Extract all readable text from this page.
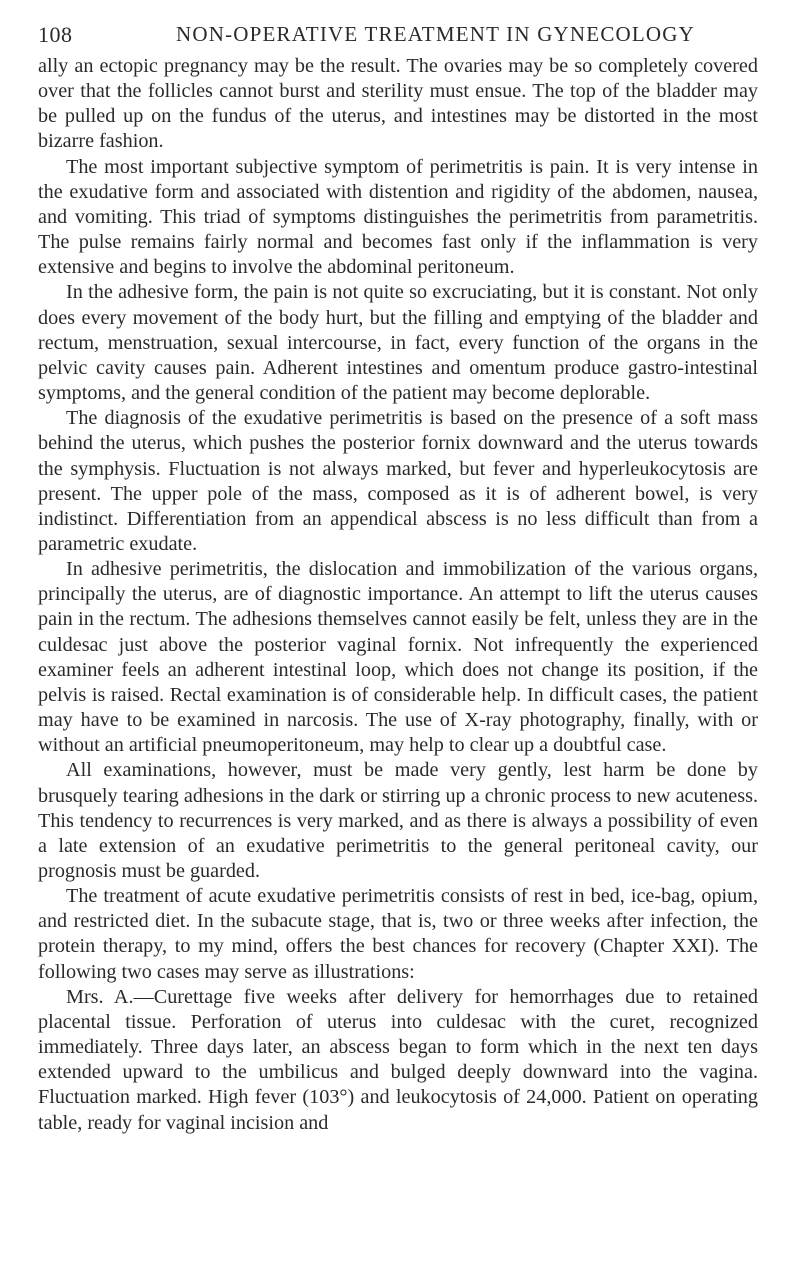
108	NON-OPERATIVE TREATMENT IN GYNECOLOGY

ally an ectopic pregnancy may be the result. The ovaries may be so completely covered over that the follicles cannot burst and sterility must ensue. The top of the bladder may be pulled up on the fundus of the uterus, and intestines may be distorted in the most bizarre fashion.

The most important subjective symptom of perimetritis is pain. It is very intense in the exudative form and associated with distention and rigidity of the abdomen, nausea, and vomiting. This triad of symptoms distinguishes the perimetritis from parametritis. The pulse remains fairly normal and becomes fast only if the inflammation is very extensive and begins to involve the abdominal peritoneum.

In the adhesive form, the pain is not quite so excruciating, but it is constant. Not only does every movement of the body hurt, but the filling and emptying of the bladder and rectum, menstruation, sexual intercourse, in fact, every function of the organs in the pelvic cavity causes pain. Adherent intestines and omentum produce gastro-intestinal symptoms, and the general condition of the patient may become deplorable.

The diagnosis of the exudative perimetritis is based on the presence of a soft mass behind the uterus, which pushes the posterior fornix downward and the uterus towards the symphysis. Fluctuation is not always marked, but fever and hyperleukocytosis are present. The upper pole of the mass, composed as it is of adherent bowel, is very indistinct. Differentiation from an appendical abscess is no less difficult than from a parametric exudate.

In adhesive perimetritis, the dislocation and immobilization of the various organs, principally the uterus, are of diagnostic importance. An attempt to lift the uterus causes pain in the rectum. The adhesions themselves cannot easily be felt, unless they are in the culdesac just above the posterior vaginal fornix. Not infrequently the experienced examiner feels an adherent intestinal loop, which does not change its position, if the pelvis is raised. Rectal examination is of considerable help. In difficult cases, the patient may have to be examined in narcosis. The use of X-ray photography, finally, with or without an artificial pneumoperitoneum, may help to clear up a doubtful case.

All examinations, however, must be made very gently, lest harm be done by brusquely tearing adhesions in the dark or stirring up a chronic process to new acuteness. This tendency to recurrences is very marked, and as there is always a possibility of even a late extension of an exudative perimetritis to the general peritoneal cavity, our prognosis must be guarded.

The treatment of acute exudative perimetritis consists of rest in bed, ice-bag, opium, and restricted diet. In the subacute stage, that is, two or three weeks after infection, the protein therapy, to my mind, offers the best chances for recovery (Chapter XXI). The following two cases may serve as illustrations:

Mrs. A.—Curettage five weeks after delivery for hemorrhages due to retained placental tissue. Perforation of uterus into culdesac with the curet, recognized immediately. Three days later, an abscess began to form which in the next ten days extended upward to the umbilicus and bulged deeply downward into the vagina. Fluctuation marked. High fever (103°) and leukocytosis of 24,000. Patient on operating table, ready for vaginal incision and
